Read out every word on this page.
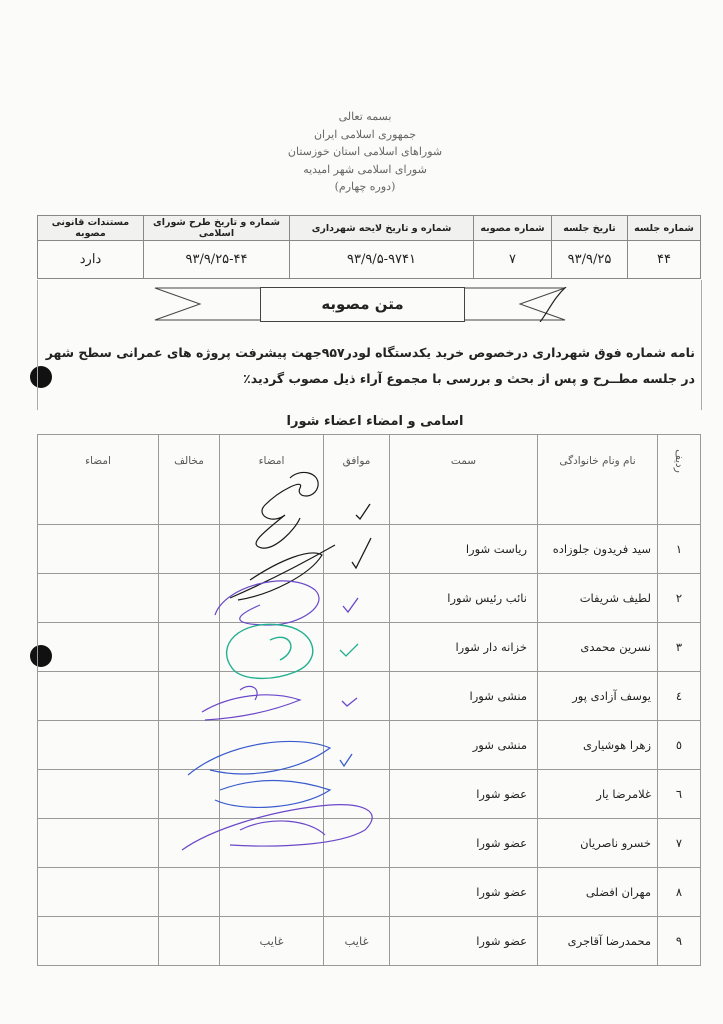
بسمه تعالی
جمهوری اسلامی ایران
شوراهای اسلامی استان خوزستان
شورای اسلامی شهر امیدیه
(دوره چهارم)
شماره جلسه	تاریخ جلسه	شماره مصوبه	شماره و تاریخ لایحه شهرداری	شماره و تاریخ طرح شورای اسلامی	مستندات قانونی مصوبه
۴۴	۹۳/۹/۲۵	۷	۹۳/۹/۵-۹۷۴۱	۹۳/۹/۲۵-۴۴	دارد
متن مصوبه
نامه شماره فوق شهرداری درخصوص خرید یکدستگاه لودر۹۵۷جهت پیشرفت پروژه های عمرانی سطح شهر در جلسه مطــرح و پس از بحث و بررسی با مجموع آراء ذیل مصوب گردید٪
اسامی و امضاء اعضاء شورا
ردیف	نام ونام خانوادگی	سمت	موافق	امضاء	مخالف	امضاء
۱	سید فریدون جلوزاده	ریاست شورا				
۲	لطیف شریفات	نائب رئیس شورا				
۳	نسرین محمدی	خزانه دار شورا				
٤	یوسف آزادی پور	منشی شورا				
٥	زهرا هوشیاری	منشی شور				
٦	غلامرضا یار	عضو شورا				
۷	خسرو ناصریان	عضو شورا				
۸	مهران افضلی	عضو شورا				
۹	محمدرضا آقاجری	عضو شورا	غایب	غایب		
